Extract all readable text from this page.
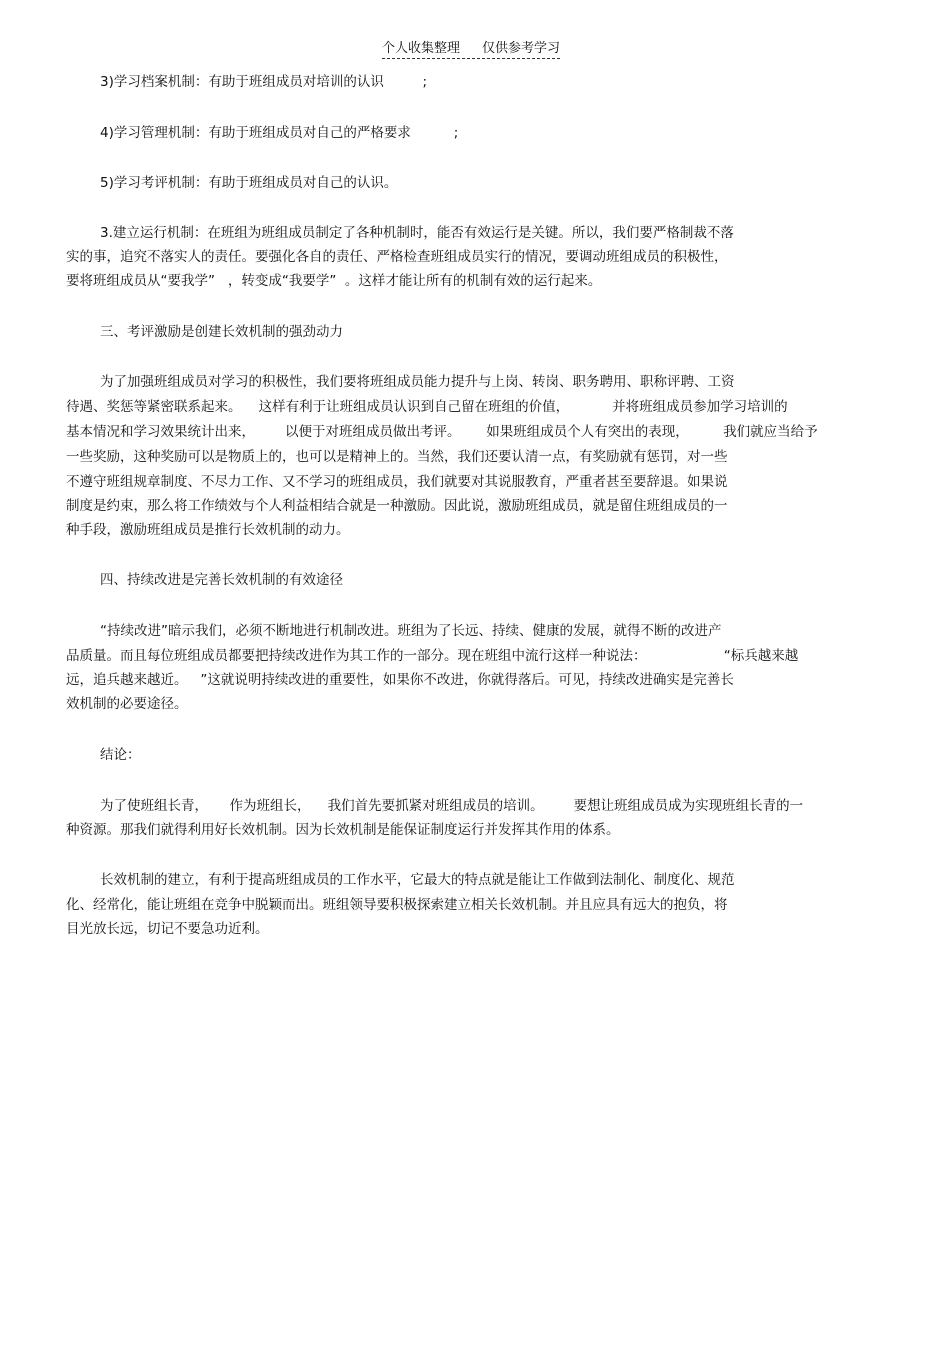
个人收集整理 仅供参考学习
3)学习档案机制：有助于班组成员对培训的认识         ;
4)学习管理机制：有助于班组成员对自己的严格要求          ;
5)学习考评机制：有助于班组成员对自己的认识。
3.建立运行机制：在班组为班组成员制定了各种机制时，能否有效运行是关键。所以，我们要严格制裁不落
实的事，追究不落实人的责任。要强化各自的责任、严格检查班组成员实行的情况，要调动班组成员的积极性，
要将班组成员从“要我学”   ，转变成“我要学”  。这样才能让所有的机制有效的运行起来。
三、考评激励是创建长效机制的强劲动力
为了加强班组成员对学习的积极性，我们要将班组成员能力提升与上岗、转岗、职务聘用、职称评聘、工资
待遇、奖惩等紧密联系起来。    这样有利于让班组成员认识到自己留在班组的价值，          并将班组成员参加学习培训的
基本情况和学习效果统计出来，       以便于对班组成员做出考评。      如果班组成员个人有突出的表现，        我们就应当给予
一些奖励，这种奖励可以是物质上的，也可以是精神上的。当然，我们还要认清一点，有奖励就有惩罚，对一些
不遵守班组规章制度、不尽力工作、又不学习的班组成员，我们就要对其说服教育，严重者甚至要辞退。如果说
制度是约束，那么将工作绩效与个人利益相结合就是一种激励。因此说，激励班组成员，就是留住班组成员的一
种手段，激励班组成员是推行长效机制的动力。
四、持续改进是完善长效机制的有效途径
“持续改进”暗示我们，必须不断地进行机制改进。班组为了长远、持续、健康的发展，就得不断的改进产
品质量。而且每位班组成员都要把持续改进作为其工作的一部分。现在班组中流行这样一种说法：                  “标兵越来越
远，追兵越来越近。   ”这就说明持续改进的重要性，如果你不改进，你就得落后。可见，持续改进确实是完善长
效机制的必要途径。
结论：
为了使班组长青，     作为班组长，    我们首先要抓紧对班组成员的培训。       要想让班组成员成为实现班组长青的一
种资源。那我们就得利用好长效机制。因为长效机制是能保证制度运行并发挥其作用的体系。
长效机制的建立，有利于提高班组成员的工作水平，它最大的特点就是能让工作做到法制化、制度化、规范
化、经常化，能让班组在竞争中脱颖而出。班组领导要积极探索建立相关长效机制。并且应具有远大的抱负，将
目光放长远，切记不要急功近利。
